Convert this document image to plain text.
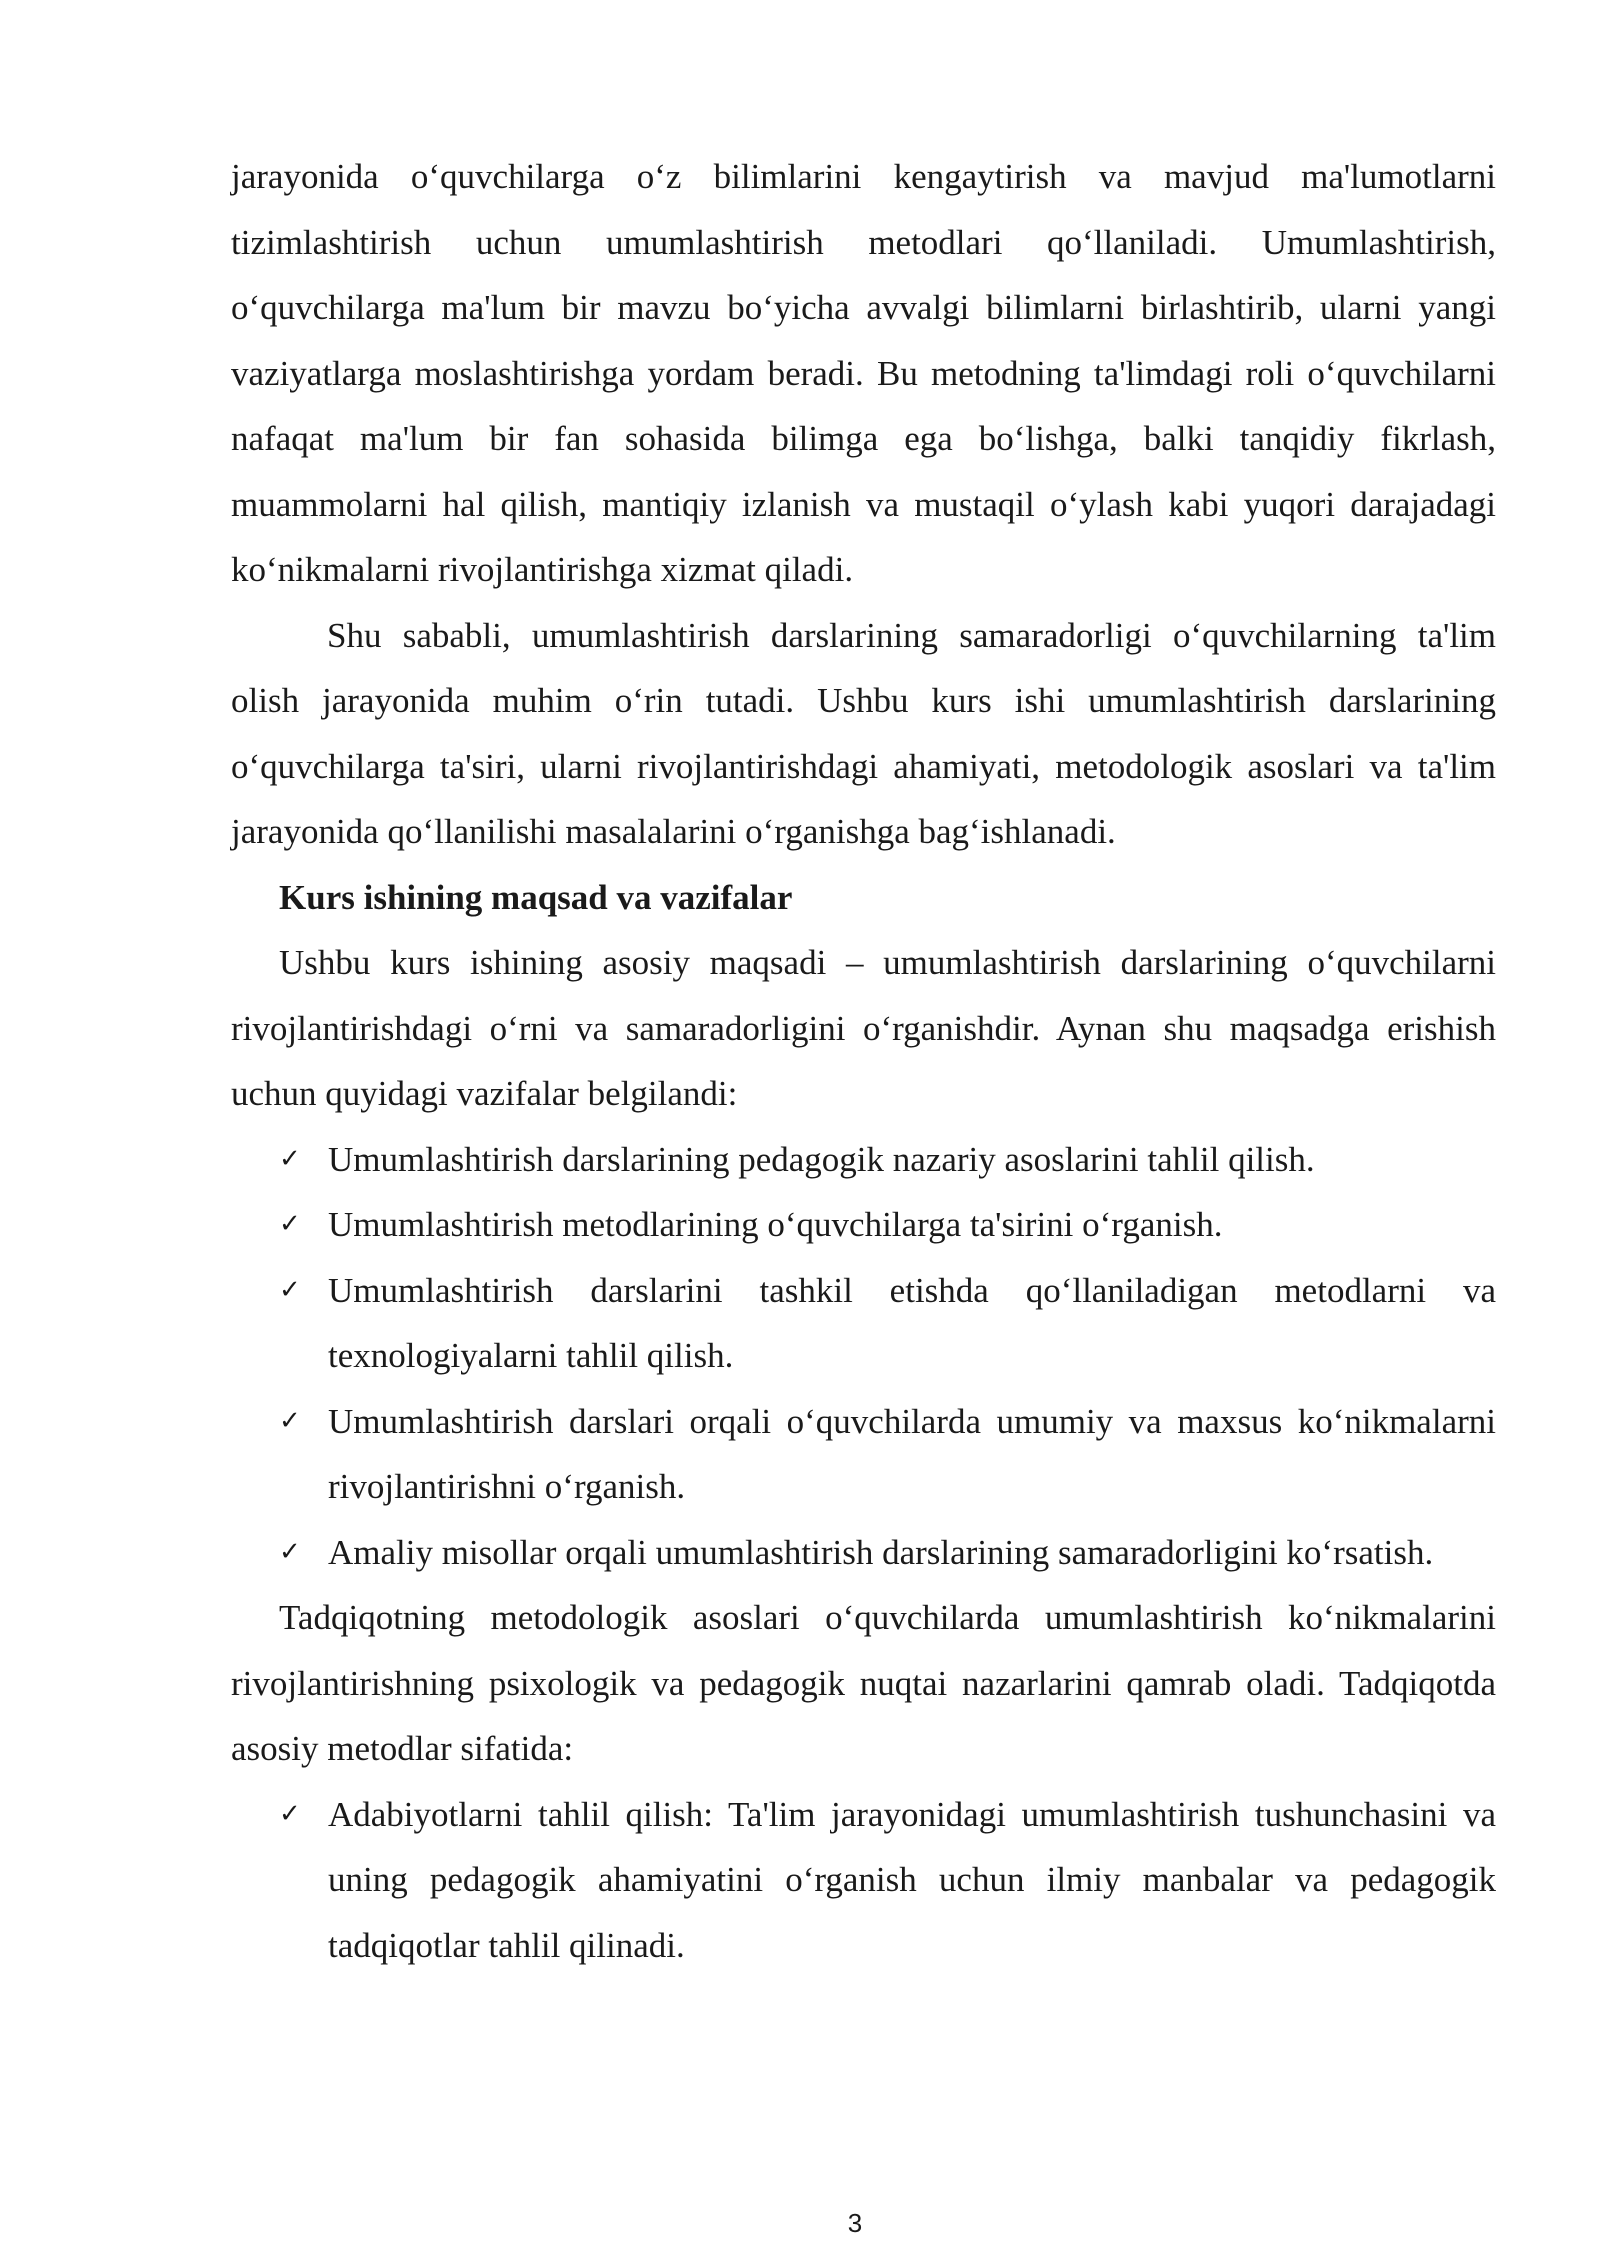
jarayonida o‘quvchilarga o‘z bilimlarini kengaytirish va mavjud ma'lumotlarni tizimlashtirish uchun umumlashtirish metodlari qo‘llaniladi. Umumlashtirish, o‘quvchilarga ma'lum bir mavzu bo‘yicha avvalgi bilimlarni birlashtirib, ularni yangi vaziyatlarga moslashtirishga yordam beradi. Bu metodning ta'limdagi roli o‘quvchilarni nafaqat ma'lum bir fan sohasida bilimga ega bo‘lishga, balki tanqidiy fikrlash, muammolarni hal qilish, mantiqiy izlanish va mustaqil o‘ylash kabi yuqori darajadagi ko‘nikmalarni rivojlantirishga xizmat qiladi.

Shu sababli, umumlashtirish darslarining samaradorligi o‘quvchilarning ta'lim olish jarayonida muhim o‘rin tutadi. Ushbu kurs ishi umumlashtirish darslarining o‘quvchilarga ta'siri, ularni rivojlantirishdagi ahamiyati, metodologik asoslari va ta'lim jarayonida qo‘llanilishi masalalarini o‘rganishga bag‘ishlanadi.

Kurs ishining maqsad va vazifalar

Ushbu kurs ishining asosiy maqsadi – umumlashtirish darslarining o‘quvchilarni rivojlantirishdagi o‘rni va samaradorligini o‘rganishdir. Aynan shu maqsadga erishish uchun quyidagi vazifalar belgilandi:

✓ Umumlashtirish darslarining pedagogik nazariy asoslarini tahlil qilish.
✓ Umumlashtirish metodlarining o‘quvchilarga ta'sirini o‘rganish.
✓ Umumlashtirish darslarini tashkil etishda qo‘llaniladigan metodlarni va texnologiyalarni tahlil qilish.
✓ Umumlashtirish darslari orqali o‘quvchilarda umumiy va maxsus ko‘nikmalarni rivojlantirishni o‘rganish.
✓ Amaliy misollar orqali umumlashtirish darslarining samaradorligini ko‘rsatish.

Tadqiqotning metodologik asoslari o‘quvchilarda umumlashtirish ko‘nikmalarini rivojlantirishning psixologik va pedagogik nuqtai nazarlarini qamrab oladi. Tadqiqotda asosiy metodlar sifatida:

✓ Adabiyotlarni tahlil qilish: Ta'lim jarayonidagi umumlashtirish tushunchasini va uning pedagogik ahamiyatini o‘rganish uchun ilmiy manbalar va pedagogik tadqiqotlar tahlil qilinadi.
3
